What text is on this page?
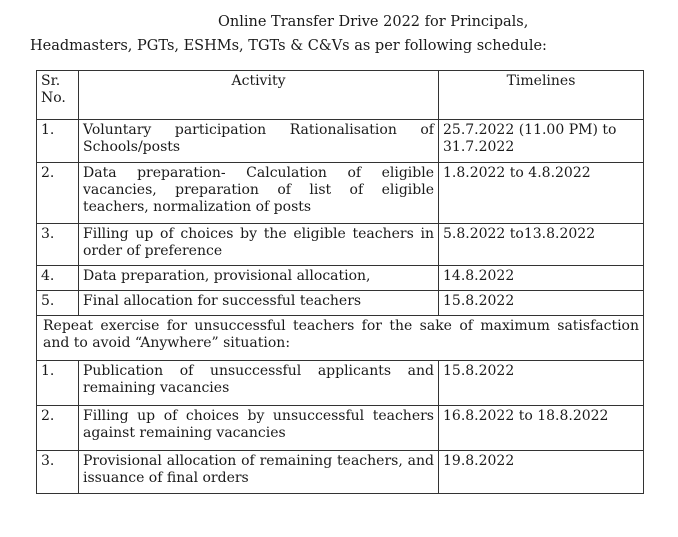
Online Transfer Drive 2022 for Principals,
Headmasters, PGTs, ESHMs, TGTs & C&Vs as per following schedule:
Sr.
No.	Activity	Timelines
1.	Voluntary participation Rationalisation of Schools/posts	25.7.2022 (11.00 PM) to 31.7.2022
2.	Data preparation- Calculation of eligible vacancies, preparation of list of eligible teachers, normalization of posts	1.8.2022 to 4.8.2022
3.	Filling up of choices by the eligible teachers in order of preference	5.8.2022 to13.8.2022
4.	Data preparation, provisional allocation,	14.8.2022
5.	Final allocation for successful teachers	15.8.2022
Repeat exercise for unsuccessful teachers for the sake of maximum satisfaction and to avoid “Anywhere” situation:		
1.	Publication of unsuccessful applicants and remaining vacancies	15.8.2022
2.	Filling up of choices by unsuccessful teachers against remaining vacancies	16.8.2022 to 18.8.2022
3.	Provisional allocation of remaining teachers, and issuance of final orders	19.8.2022
